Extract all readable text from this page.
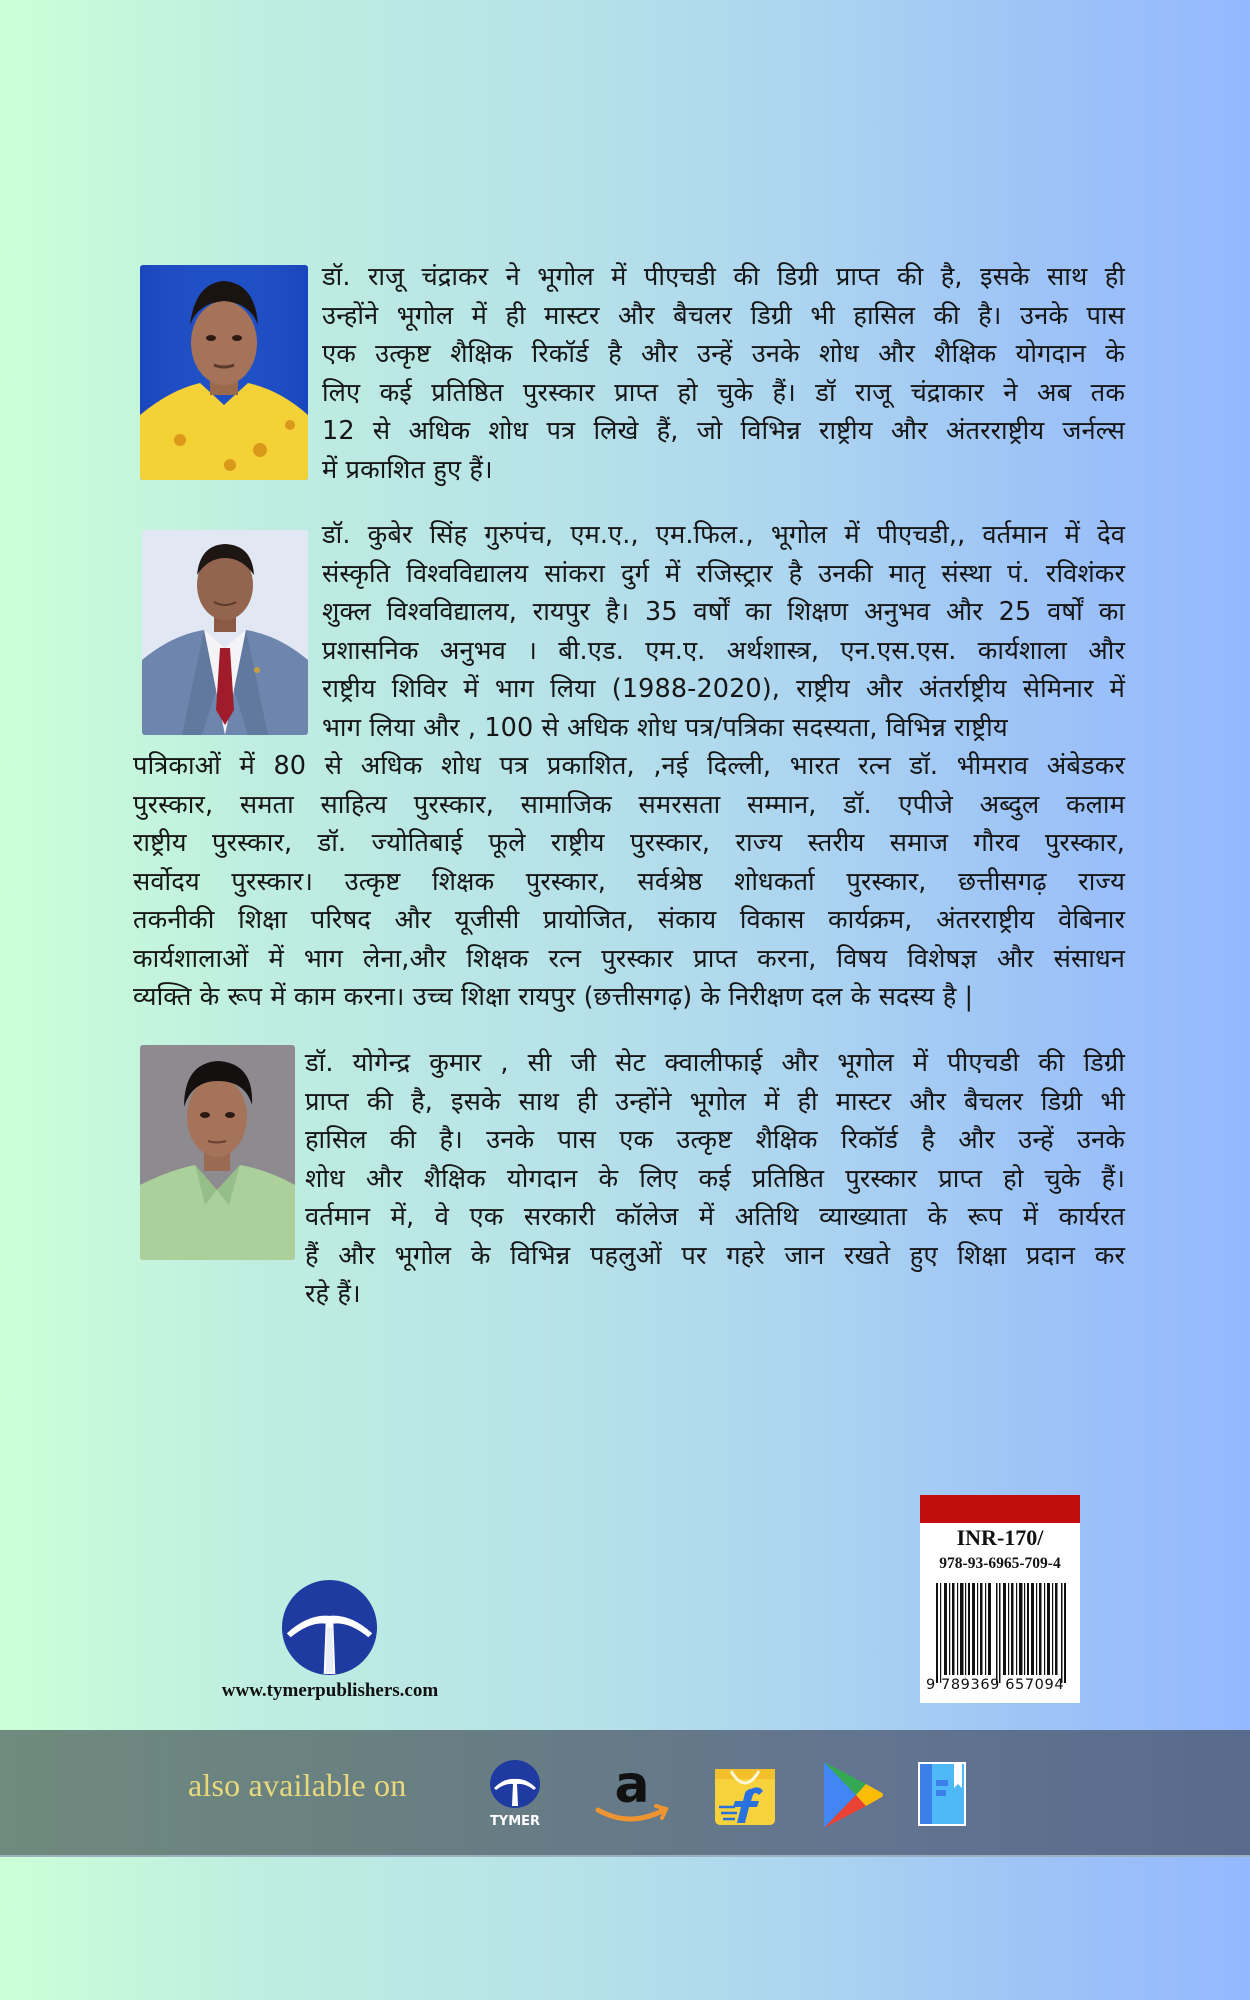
डॉ. राजू चंद्राकर ने भूगोल में पीएचडी की डिग्री प्राप्त की है, इसके साथ ही
उन्होंने भूगोल में ही मास्टर और बैचलर डिग्री भी हासिल की है। उनके पास
एक उत्कृष्ट शैक्षिक रिकॉर्ड है और उन्हें उनके शोध और शैक्षिक योगदान के
लिए कई प्रतिष्ठित पुरस्कार प्राप्त हो चुके हैं। डॉ राजू चंद्राकार ने अब तक
12 से अधिक शोध पत्र लिखे हैं, जो विभिन्न राष्ट्रीय और अंतरराष्ट्रीय जर्नल्स
में प्रकाशित हुए हैं।
डॉ. कुबेर सिंह गुरुपंच, एम.ए., एम.फिल., भूगोल में पीएचडी,, वर्तमान में देव
संस्कृति विश्वविद्यालय सांकरा दुर्ग में रजिस्ट्रार है उनकी मातृ संस्था पं. रविशंकर
शुक्ल विश्वविद्यालय, रायपुर है। 35 वर्षों का शिक्षण अनुभव और 25 वर्षों का
प्रशासनिक अनुभव । बी.एड. एम.ए. अर्थशास्त्र, एन.एस.एस. कार्यशाला और
राष्ट्रीय शिविर में भाग लिया (1988-2020), राष्ट्रीय और अंतर्राष्ट्रीय सेमिनार में
भाग लिया और , 100 से अधिक शोध पत्र/पत्रिका सदस्यता, विभिन्न राष्ट्रीय
पत्रिकाओं में 80 से अधिक शोध पत्र प्रकाशित, ,नई दिल्ली, भारत रत्न डॉ. भीमराव अंबेडकर
पुरस्कार, समता साहित्य पुरस्कार, सामाजिक समरसता सम्मान, डॉ. एपीजे अब्दुल कलाम
राष्ट्रीय पुरस्कार, डॉ. ज्योतिबाई फूले राष्ट्रीय पुरस्कार, राज्य स्तरीय समाज गौरव पुरस्कार,
सर्वोदय पुरस्कार। उत्कृष्ट शिक्षक पुरस्कार, सर्वश्रेष्ठ शोधकर्ता पुरस्कार, छत्तीसगढ़ राज्य
तकनीकी शिक्षा परिषद और यूजीसी प्रायोजित, संकाय विकास कार्यक्रम, अंतरराष्ट्रीय वेबिनार
कार्यशालाओं में भाग लेना,और शिक्षक रत्न पुरस्कार प्राप्त करना, विषय विशेषज्ञ और संसाधन
व्यक्ति के रूप में काम करना। उच्च शिक्षा रायपुर (छत्तीसगढ़) के निरीक्षण दल के सदस्य है |
डॉ. योगेन्द्र कुमार , सी जी सेट क्वालीफाई और भूगोल में पीएचडी की डिग्री
प्राप्त की है, इसके साथ ही उन्होंने भूगोल में ही मास्टर और बैचलर डिग्री भी
हासिल की है। उनके पास एक उत्कृष्ट शैक्षिक रिकॉर्ड है और उन्हें उनके
शोध और शैक्षिक योगदान के लिए कई प्रतिष्ठित पुरस्कार प्राप्त हो चुके हैं।
वर्तमान में, वे एक सरकारी कॉलेज में अतिथि व्याख्याता के रूप में कार्यरत
हैं और भूगोल के विभिन्न पहलुओं पर गहरे जान रखते हुए शिक्षा प्रदान कर
रहे हैं।
www.tymerpublishers.com
INR-170/
978-93-6965-709-4
9 789369 657094
also available on
TYMER
a
